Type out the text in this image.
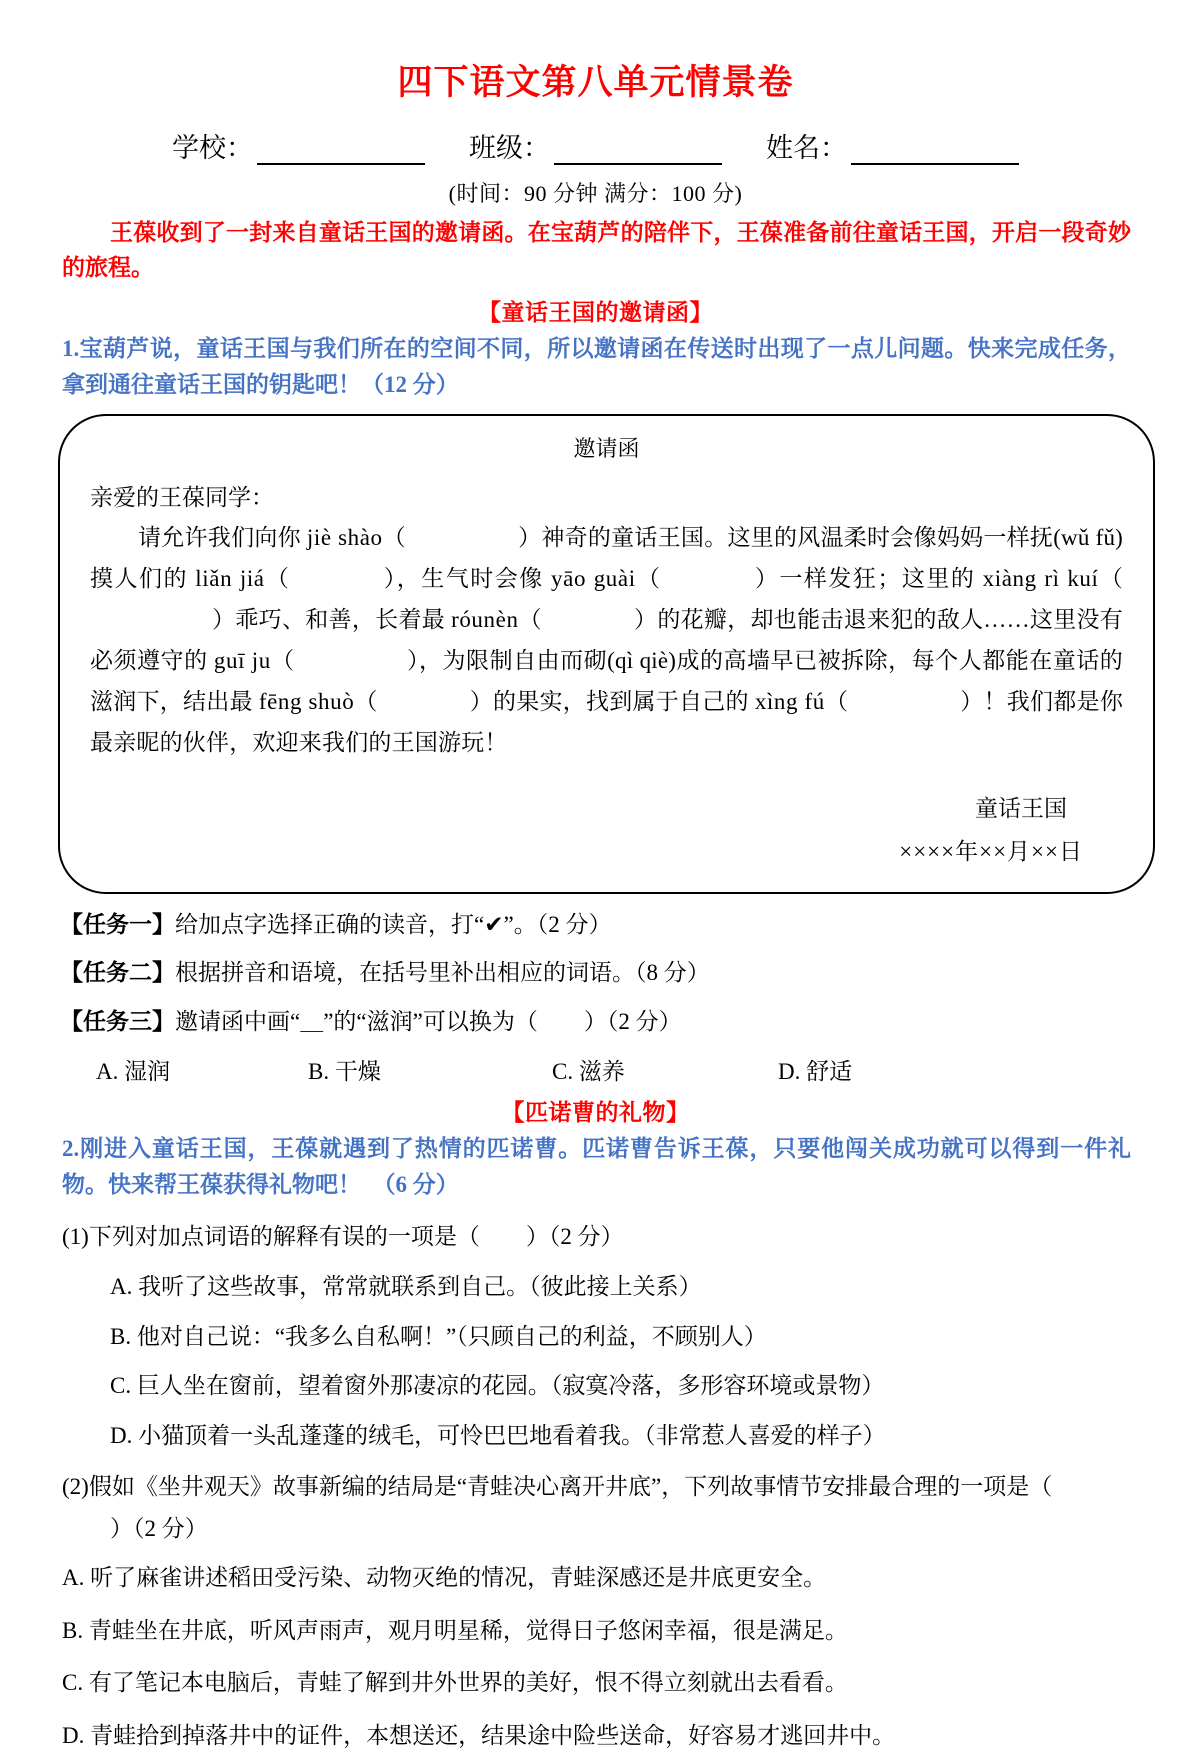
四下语文第八单元情景卷
学校：	班级：	姓名：
(时间：90 分钟 满分：100 分)
王葆收到了一封来自童话王国的邀请函。在宝葫芦的陪伴下，王葆准备前往童话王国，开启一段奇妙的旅程。
【童话王国的邀请函】
1.宝葫芦说，童话王国与我们所在的空间不同，所以邀请函在传送时出现了一点儿问题。快来完成任务，拿到通往童话王国的钥匙吧！（12 分）
邀请函
亲爱的王葆同学：

请允许我们向你 jiè shào（	）神奇的童话王国。这里的风温柔时会像妈妈一样抚(wǔ fǔ)摸人们的 liǎn jiá（	），生气时会像 yāo guài（	）一样发狂；这里的 xiàng rì kuí（）乖巧、和善，长着最 róunèn（	）的花瓣，却也能击退来犯的敌人……这里没有必须遵守的 guī ju（	），为限制自由而砌(qì qiè)成的高墙早已被拆除，每个人都能在童话的滋润下，结出最 fēng shuò（	）的果实，找到属于自己的 xìng fú（	）！我们都是你最亲昵的伙伴，欢迎来我们的王国游玩！

童话王国
××××年××月××日
【任务一】给加点字选择正确的读音，打“✔”。（2 分）
【任务二】根据拼音和语境，在括号里补出相应的词语。（8 分）
【任务三】邀请函中画“＿”的“滋润”可以换为（ ）（2 分）
A. 湿润	B. 干燥	C. 滋养	D. 舒适
【匹诺曹的礼物】
2.刚进入童话王国，王葆就遇到了热情的匹诺曹。匹诺曹告诉王葆，只要他闯关成功就可以得到一件礼物。快来帮王葆获得礼物吧！　（6 分）
(1)下列对加点词语的解释有误的一项是（ ）（2 分）
A. 我听了这些故事，常常就联系到自己。（彼此接上关系）
B. 他对自己说：“我多么自私啊！”（只顾自己的利益，不顾别人）
C. 巨人坐在窗前，望着窗外那凄凉的花园。（寂寞冷落，多形容环境或景物）
D. 小猫顶着一头乱蓬蓬的绒毛，可怜巴巴地看着我。（非常惹人喜爱的样子）
(2)假如《坐井观天》故事新编的结局是“青蛙决心离开井底”，下列故事情节安排最合理的一项是（
）（2 分）
A. 听了麻雀讲述稻田受污染、动物灭绝的情况，青蛙深感还是井底更安全。
B. 青蛙坐在井底，听风声雨声，观月明星稀，觉得日子悠闲幸福，很是满足。
C. 有了笔记本电脑后，青蛙了解到井外世界的美好，恨不得立刻就出去看看。
D. 青蛙拾到掉落井中的证件，本想送还，结果途中险些送命，好容易才逃回井中。
